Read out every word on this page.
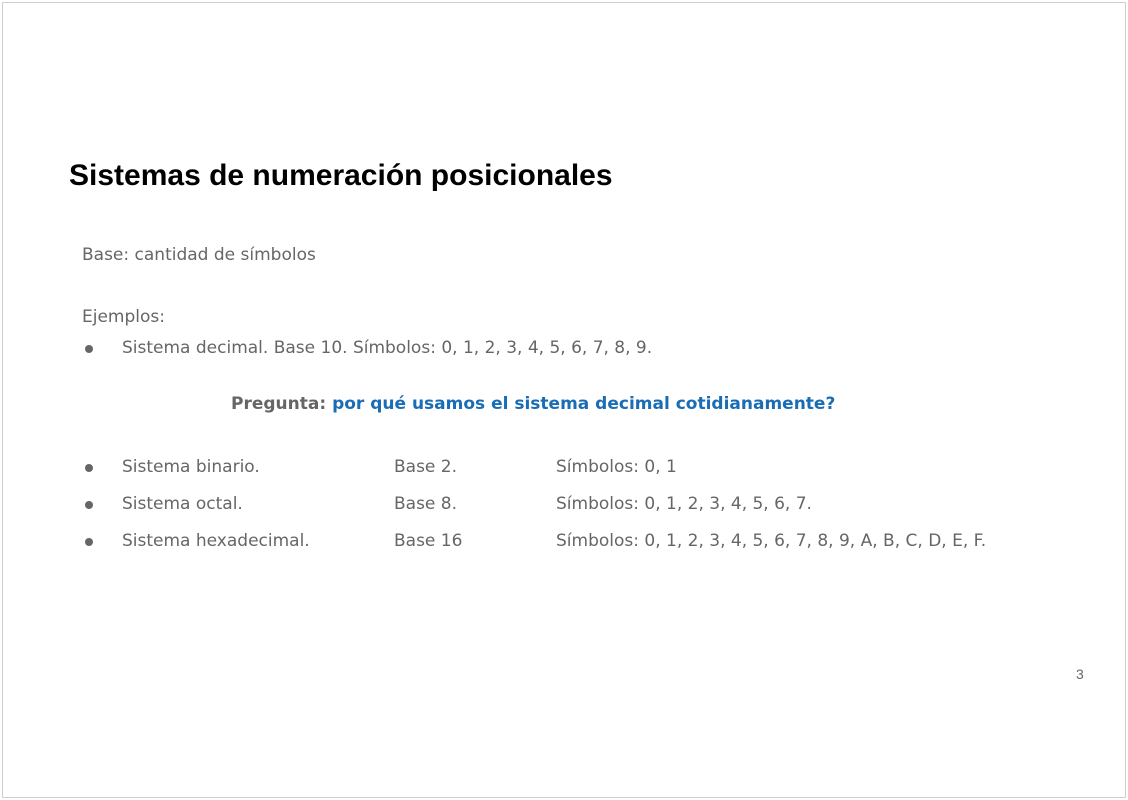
Sistemas de numeración posicionales
Base: cantidad de símbolos
Ejemplos:
Sistema decimal. Base 10. Símbolos: 0, 1, 2, 3, 4, 5, 6, 7, 8, 9.
Pregunta: por qué usamos el sistema decimal cotidianamente?
Sistema binario.	Base 2.	Símbolos: 0, 1
Sistema octal.	Base 8.	Símbolos: 0, 1, 2, 3, 4, 5, 6, 7.
Sistema hexadecimal.	Base 16	Símbolos: 0, 1, 2, 3, 4, 5, 6, 7, 8, 9, A, B, C, D, E, F.
3
